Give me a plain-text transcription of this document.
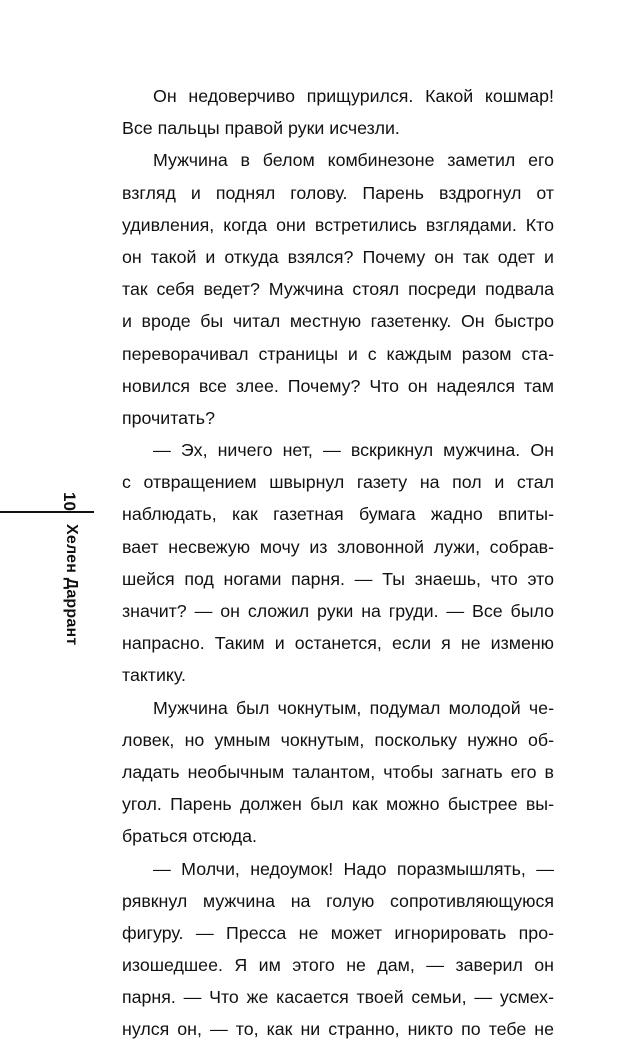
10
Хелен Даррант
Он недоверчиво прищурился. Какой кошмар!
Все пальцы правой руки исчезли.
Мужчина в белом комбинезоне заметил его
взгляд и поднял голову. Парень вздрогнул от
удивления, когда они встретились взглядами. Кто
он такой и откуда взялся? Почему он так одет и
так себя ведет? Мужчина стоял посреди подвала
и вроде бы читал местную газетенку. Он быстро
переворачивал страницы и с каждым разом ста-
новился все злее. Почему? Что он надеялся там
прочитать?
— Эх, ничего нет, — вскрикнул мужчина. Он
с отвращением швырнул газету на пол и стал
наблюдать, как газетная бумага жадно впиты-
вает несвежую мочу из зловонной лужи, собрав-
шейся под ногами парня. — Ты знаешь, что это
значит? — он сложил руки на груди. — Все было
напрасно. Таким и останется, если я не изменю
тактику.
Мужчина был чокнутым, подумал молодой че-
ловек, но умным чокнутым, поскольку нужно об-
ладать необычным талантом, чтобы загнать его в
угол. Парень должен был как можно быстрее вы-
браться отсюда.
— Молчи, недоумок! Надо поразмышлять, —
рявкнул мужчина на голую сопротивляющуюся
фигуру. — Пресса не может игнорировать про-
изошедшее. Я им этого не дам, — заверил он
парня. — Что же касается твоей семьи, — усмех-
нулся он, — то, как ни странно, никто по тебе не
